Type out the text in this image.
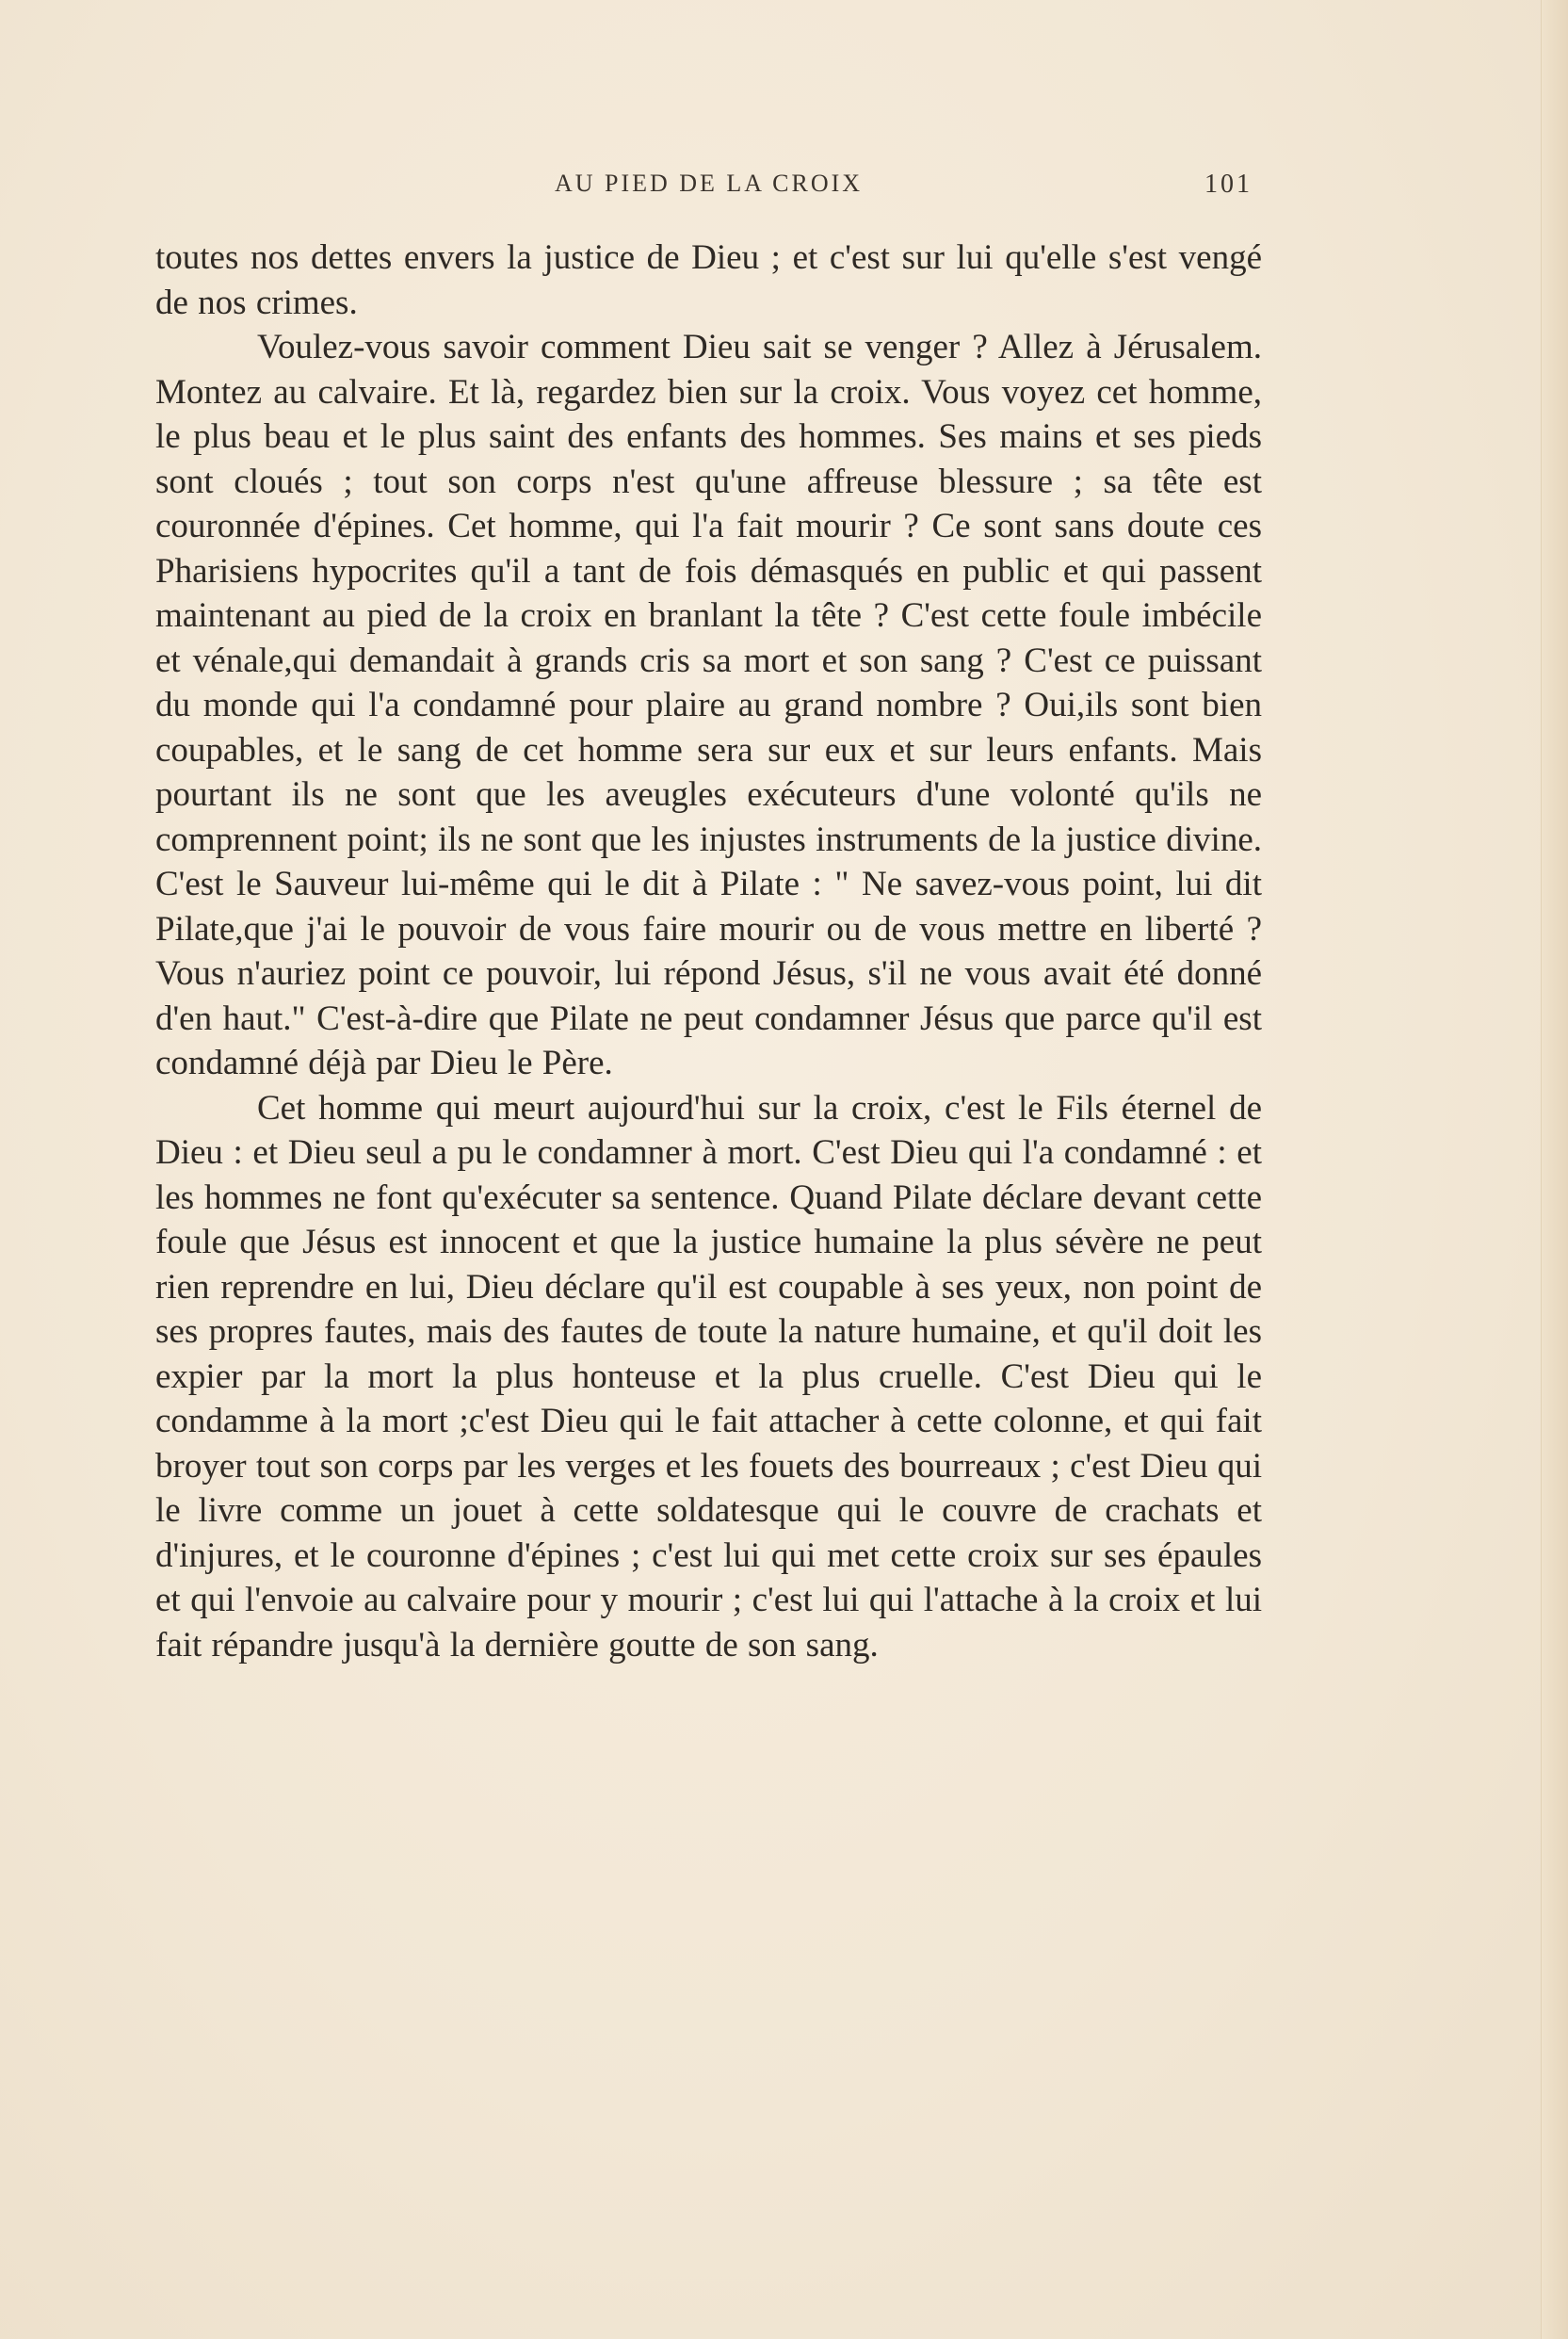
AU PIED DE LA CROIX	101

toutes nos dettes envers la justice de Dieu ; et c'est sur lui qu'elle s'est vengé de nos crimes.

Voulez-vous savoir comment Dieu sait se venger ? Allez à Jérusalem. Montez au calvaire. Et là, regardez bien sur la croix. Vous voyez cet homme, le plus beau et le plus saint des enfants des hommes. Ses mains et ses pieds sont cloués ; tout son corps n'est qu'une affreuse blessure ; sa tête est couronnée d'épines. Cet homme, qui l'a fait mourir ? Ce sont sans doute ces Pharisiens hypocrites qu'il a tant de fois démasqués en public et qui passent maintenant au pied de la croix en branlant la tête ? C'est cette foule imbécile et vénale,qui demandait à grands cris sa mort et son sang ? C'est ce puissant du monde qui l'a condamné pour plaire au grand nombre ? Oui,ils sont bien coupables, et le sang de cet homme sera sur eux et sur leurs enfants. Mais pourtant ils ne sont que les aveugles exécuteurs d'une volonté qu'ils ne comprennent point; ils ne sont que les injustes instruments de la justice divine. C'est le Sauveur lui-même qui le dit à Pilate : " Ne savez-vous point, lui dit Pilate,que j'ai le pouvoir de vous faire mourir ou de vous mettre en liberté ? Vous n'auriez point ce pouvoir, lui répond Jésus, s'il ne vous avait été donné d'en haut." C'est-à-dire que Pilate ne peut condamner Jésus que parce qu'il est condamné déjà par Dieu le Père.

Cet homme qui meurt aujourd'hui sur la croix, c'est le Fils éternel de Dieu : et Dieu seul a pu le condamner à mort. C'est Dieu qui l'a condamné : et les hommes ne font qu'exécuter sa sentence. Quand Pilate déclare devant cette foule que Jésus est innocent et que la justice humaine la plus sévère ne peut rien reprendre en lui, Dieu déclare qu'il est coupable à ses yeux, non point de ses propres fautes, mais des fautes de toute la nature humaine, et qu'il doit les expier par la mort la plus honteuse et la plus cruelle. C'est Dieu qui le condamme à la mort ;c'est Dieu qui le fait attacher à cette colonne, et qui fait broyer tout son corps par les verges et les fouets des bourreaux ; c'est Dieu qui le livre comme un jouet à cette soldatesque qui le couvre de crachats et d'injures, et le couronne d'épines ; c'est lui qui met cette croix sur ses épaules et qui l'envoie au calvaire pour y mourir ; c'est lui qui l'attache à la croix et lui fait répandre jusqu'à la dernière goutte de son sang.
